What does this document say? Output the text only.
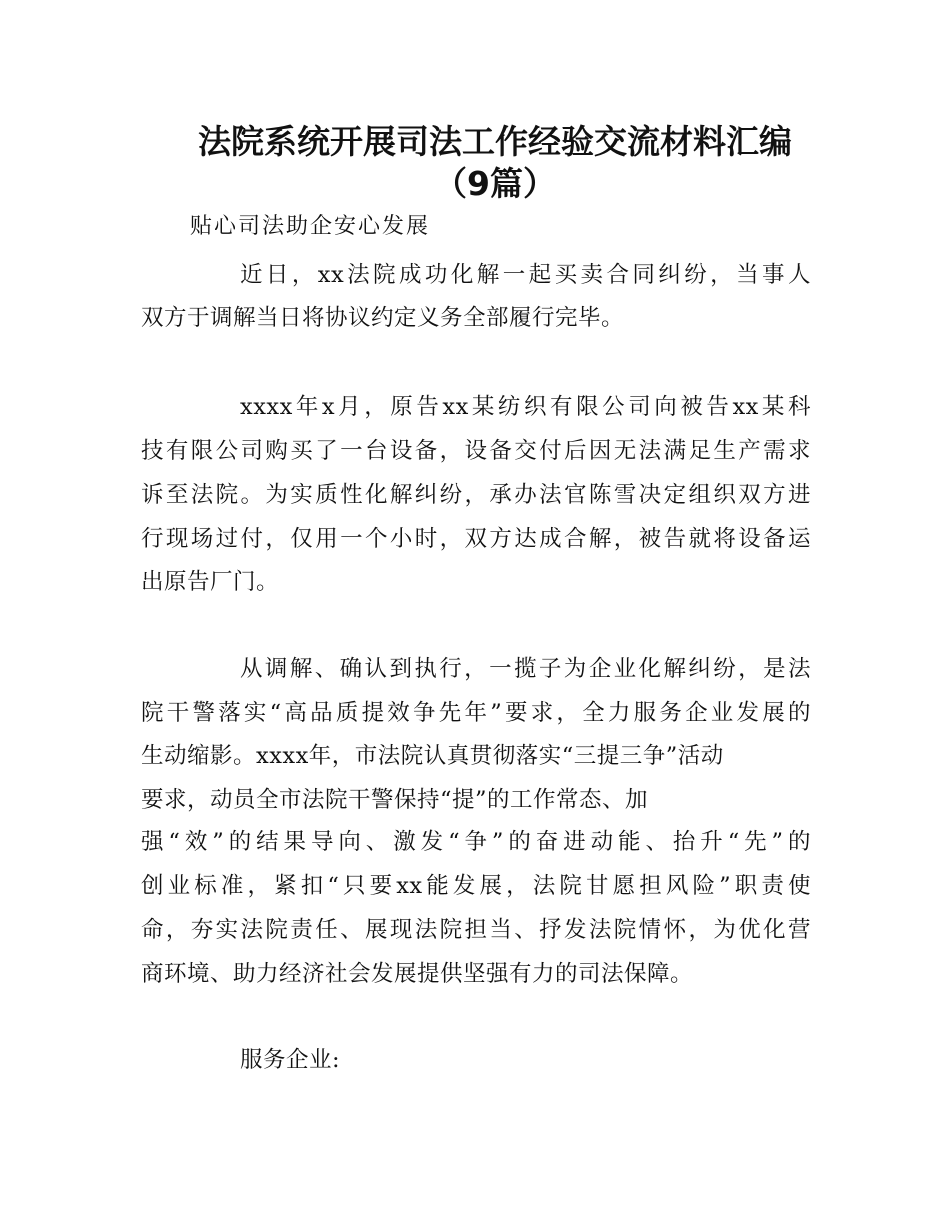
法院系统开展司法工作经验交流材料汇编
（9篇）

贴心司法助企安心发展

近日，xx法院成功化解一起买卖合同纠纷，当事人

双方于调解当日将协议约定义务全部履行完毕。

xxxx年x月，原告xx某纺织有限公司向被告xx某科

技有限公司购买了一台设备，设备交付后因无法满足生产需求

诉至法院。为实质性化解纠纷，承办法官陈雪决定组织双方进

行现场过付，仅用一个小时，双方达成合解，被告就将设备运

出原告厂门。

从调解、确认到执行，一揽子为企业化解纠纷，是法

院干警落实“高品质提效争先年”要求，全力服务企业发展的

生动缩影。xxxx年，市法院认真贯彻落实“三提三争”活动

要求，动员全市法院干警保持“提”的工作常态、加

强“效”的结果导向、激发“争”的奋进动能、抬升“先”的

创业标准，紧扣“只要xx能发展，法院甘愿担风险”职责使

命，夯实法院责任、展现法院担当、抒发法院情怀，为优化营

商环境、助力经济社会发展提供坚强有力的司法保障。

服务企业:
